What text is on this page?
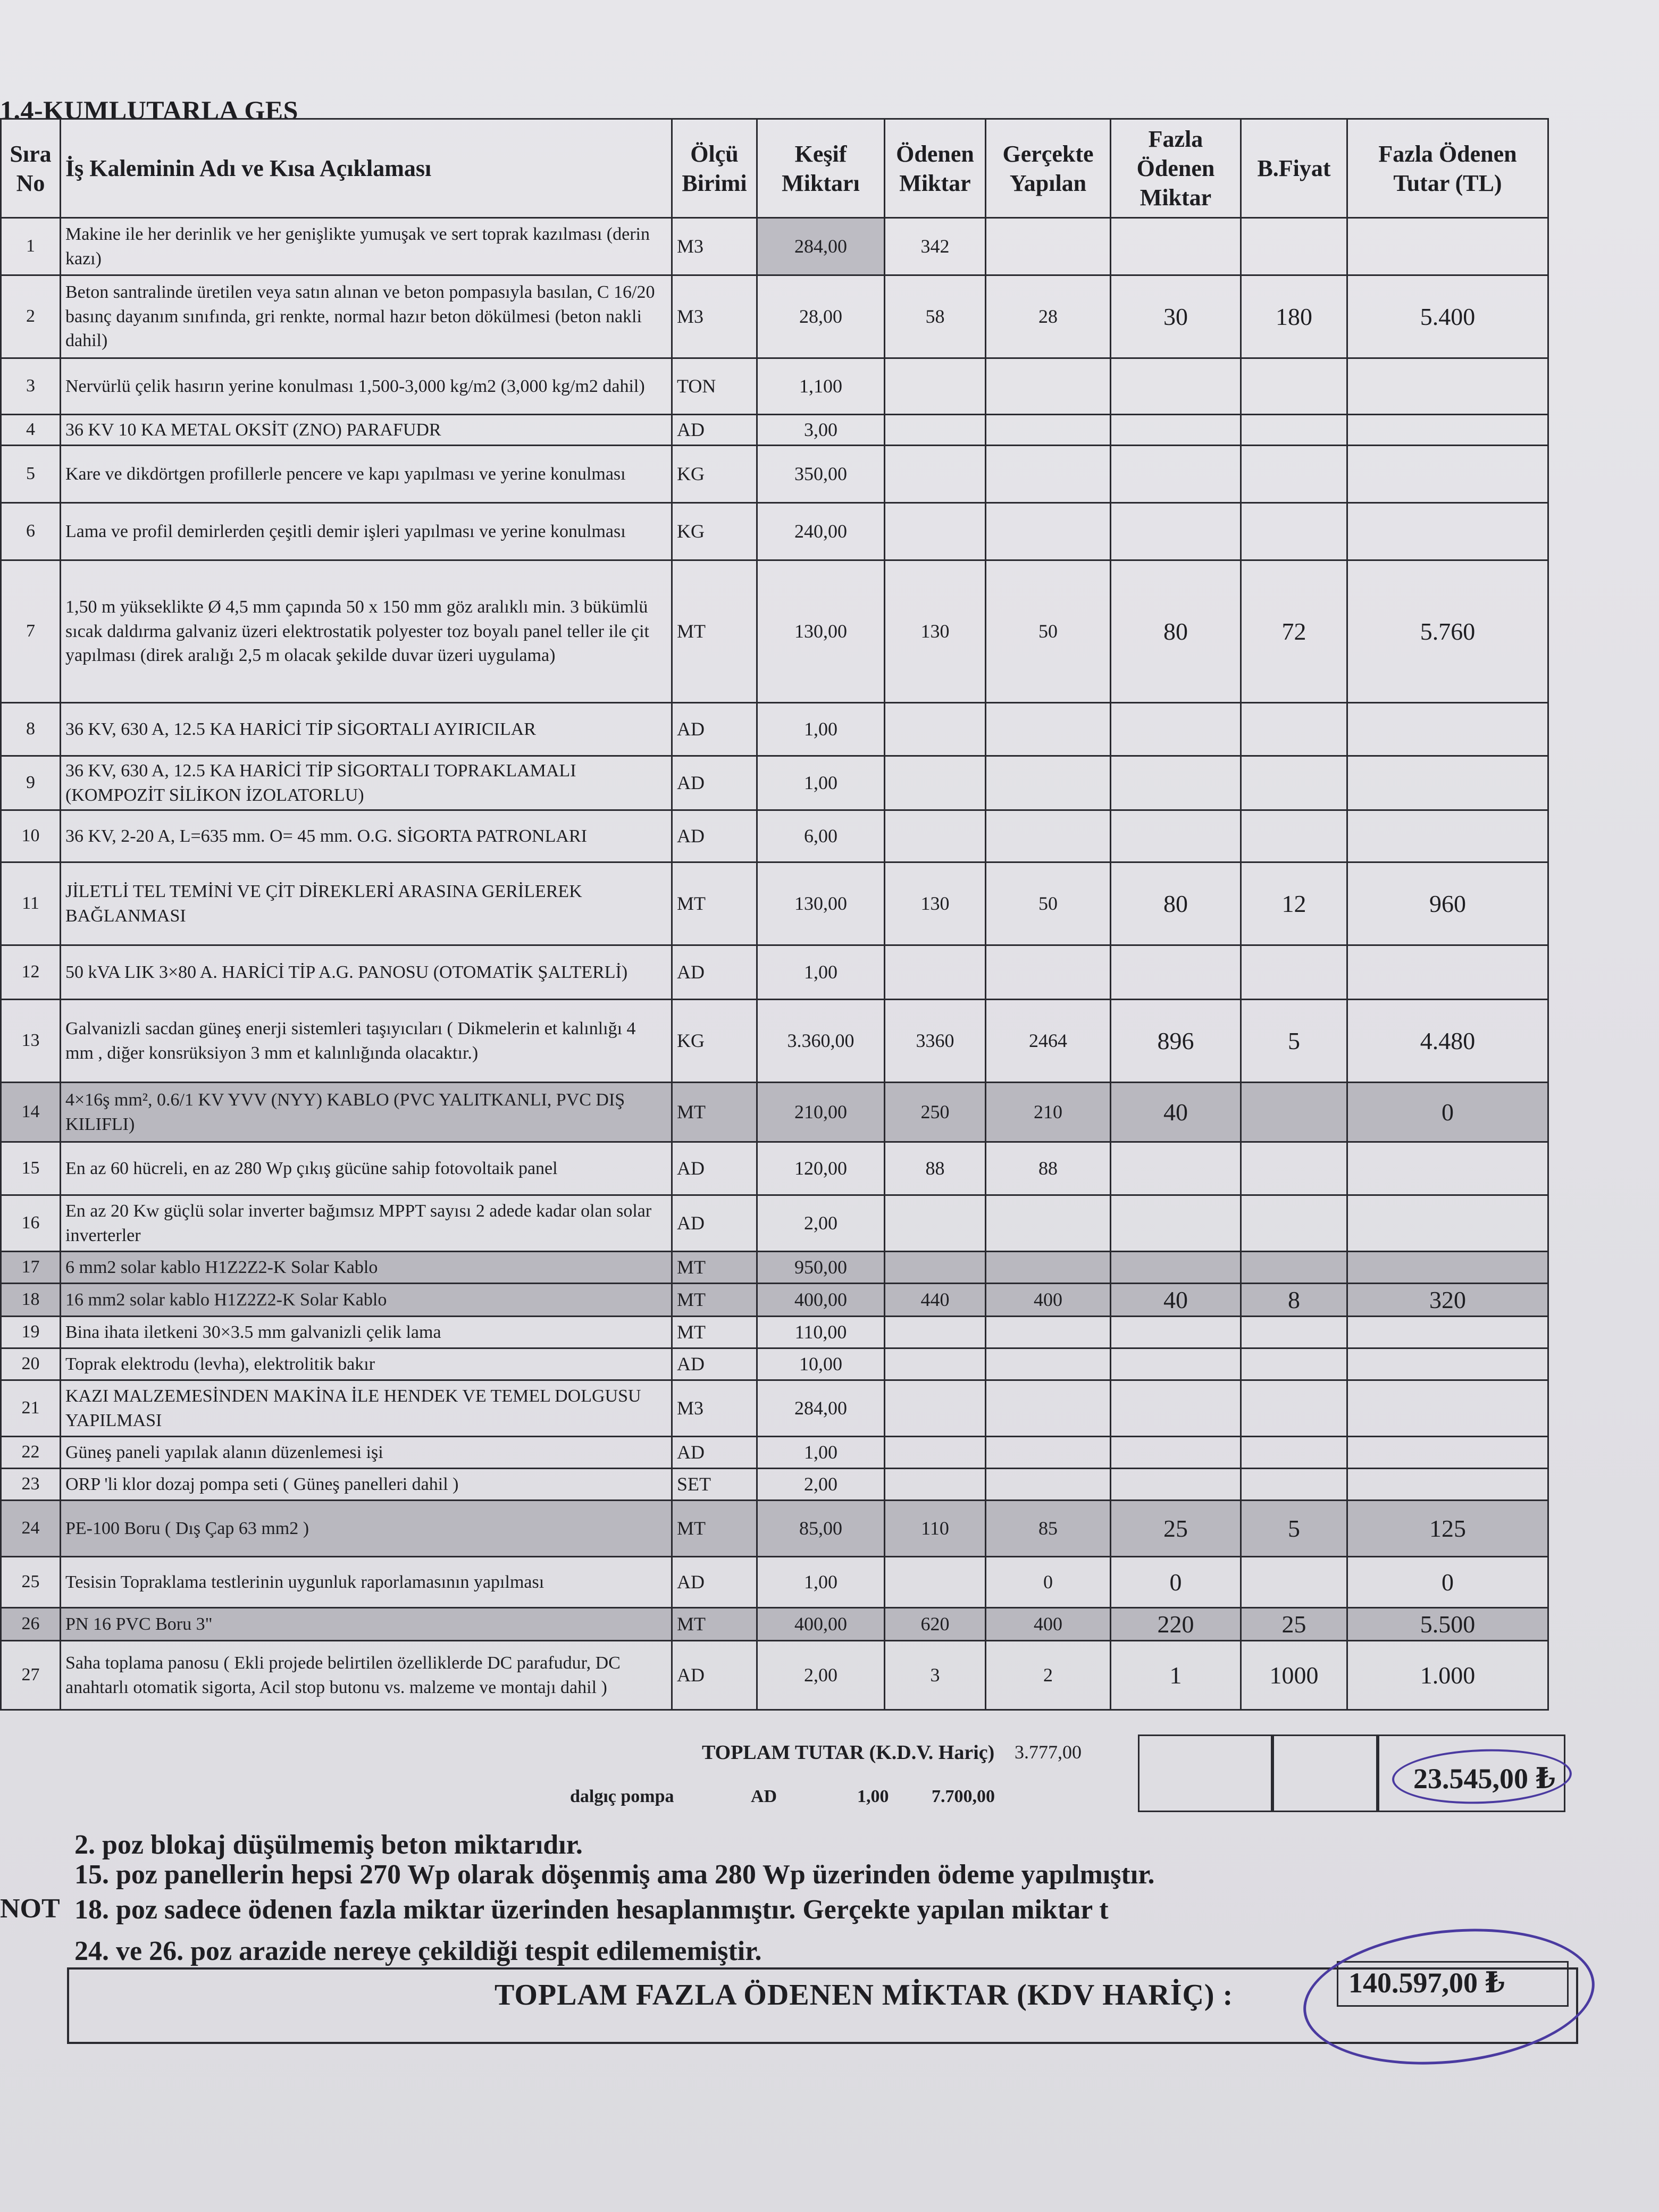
1.4-KUMLUTARLA GES
Sıra No	İş Kaleminin Adı ve Kısa Açıklaması	Ölçü Birimi	Keşif Miktarı	Ödenen Miktar	Gerçekte Yapılan	Fazla Ödenen Miktar	B.Fiyat	Fazla Ödenen Tutar (TL)
1	Makine ile her derinlik ve her genişlikte yumuşak ve sert toprak kazılması (derin kazı)	M3	284,00	342				
2	Beton santralinde üretilen veya satın alınan ve beton pompasıyla basılan, C 16/20 basınç dayanım sınıfında, gri renkte, normal hazır beton dökülmesi (beton nakli dahil)	M3	28,00	58	28	30	180	5.400
3	Nervürlü çelik hasırın yerine konulması 1,500-3,000 kg/m2 (3,000 kg/m2 dahil)	TON	1,100					
4	36 KV 10 KA METAL OKSİT (ZNO) PARAFUDR	AD	3,00					
5	Kare ve dikdörtgen profillerle pencere ve kapı yapılması ve yerine konulması	KG	350,00					
6	Lama ve profil demirlerden çeşitli demir işleri yapılması ve yerine konulması	KG	240,00					
7	1,50 m yükseklikte Ø 4,5 mm çapında 50 x 150 mm göz aralıklı min. 3 bükümlü sıcak daldırma galvaniz üzeri elektrostatik polyester toz boyalı panel teller ile çit yapılması (direk aralığı 2,5 m olacak şekilde duvar üzeri uygulama)	MT	130,00	130	50	80	72	5.760
8	36 KV, 630 A, 12.5 KA HARİCİ TİP SİGORTALI AYIRICILAR	AD	1,00					
9	36 KV, 630 A, 12.5 KA HARİCİ TİP SİGORTALI TOPRAKLAMALI (KOMPOZİT SİLİKON İZOLATORLU)	AD	1,00					
10	36 KV, 2-20 A, L=635 mm. O= 45 mm. O.G. SİGORTA PATRONLARI	AD	6,00					
11	JİLETLİ TEL TEMİNİ VE ÇİT DİREKLERİ ARASINA GERİLEREK BAĞLANMASI	MT	130,00	130	50	80	12	960
12	50 kVA LIK 3×80 A. HARİCİ TİP A.G. PANOSU (OTOMATİK ŞALTERLİ)	AD	1,00					
13	Galvanizli sacdan güneş enerji sistemleri taşıyıcıları ( Dikmelerin et kalınlığı 4 mm , diğer konsrüksiyon 3 mm et kalınlığında olacaktır.)	KG	3.360,00	3360	2464	896	5	4.480
14	4×16ş mm², 0.6/1 KV YVV (NYY) KABLO (PVC YALITKANLI, PVC DIŞ KILIFLI)	MT	210,00	250	210	40		0
15	En az 60 hücreli, en az 280 Wp çıkış gücüne sahip fotovoltaik panel	AD	120,00	88	88			
16	En az 20 Kw güçlü solar inverter bağımsız MPPT sayısı 2 adede kadar olan solar inverterler	AD	2,00					
17	6 mm2 solar kablo H1Z2Z2-K Solar Kablo	MT	950,00					
18	16 mm2 solar kablo H1Z2Z2-K Solar Kablo	MT	400,00	440	400	40	8	320
19	Bina ihata iletkeni 30×3.5 mm galvanizli çelik lama	MT	110,00					
20	Toprak elektrodu (levha), elektrolitik bakır	AD	10,00					
21	KAZI MALZEMESİNDEN MAKİNA İLE HENDEK VE TEMEL DOLGUSU YAPILMASI	M3	284,00					
22	Güneş paneli yapılak alanın düzenlemesi işi	AD	1,00					
23	ORP 'li klor dozaj pompa seti ( Güneş panelleri dahil )	SET	2,00					
24	PE-100 Boru ( Dış Çap 63 mm2 )	MT	85,00	110	85	25	5	125
25	Tesisin Topraklama testlerinin uygunluk raporlamasının yapılması	AD	1,00		0	0		0
26	PN 16 PVC Boru 3"	MT	400,00	620	400	220	25	5.500
27	Saha toplama panosu ( Ekli projede belirtilen özelliklerde DC parafudur, DC anahtarlı otomatik sigorta, Acil stop butonu vs. malzeme ve montajı dahil )	AD	2,00	3	2	1	1000	1.000
TOPLAM TUTAR (K.D.V. Hariç) 3.777,00
23.545,00 ₺
dalgıç pompa	AD	1,00 7.700,00
2. poz blokaj düşülmemiş beton miktarıdır.
15. poz panellerin hepsi 270 Wp olarak döşenmiş ama 280 Wp üzerinden ödeme yapılmıştır.
NOT 18. poz sadece ödenen fazla miktar üzerinden hesaplanmıştır. Gerçekte yapılan miktar t
24. ve 26. poz arazide nereye çekildiği tespit edilememiştir.
TOPLAM FAZLA ÖDENEN MİKTAR (KDV HARİÇ) :	140.597,00 ₺
